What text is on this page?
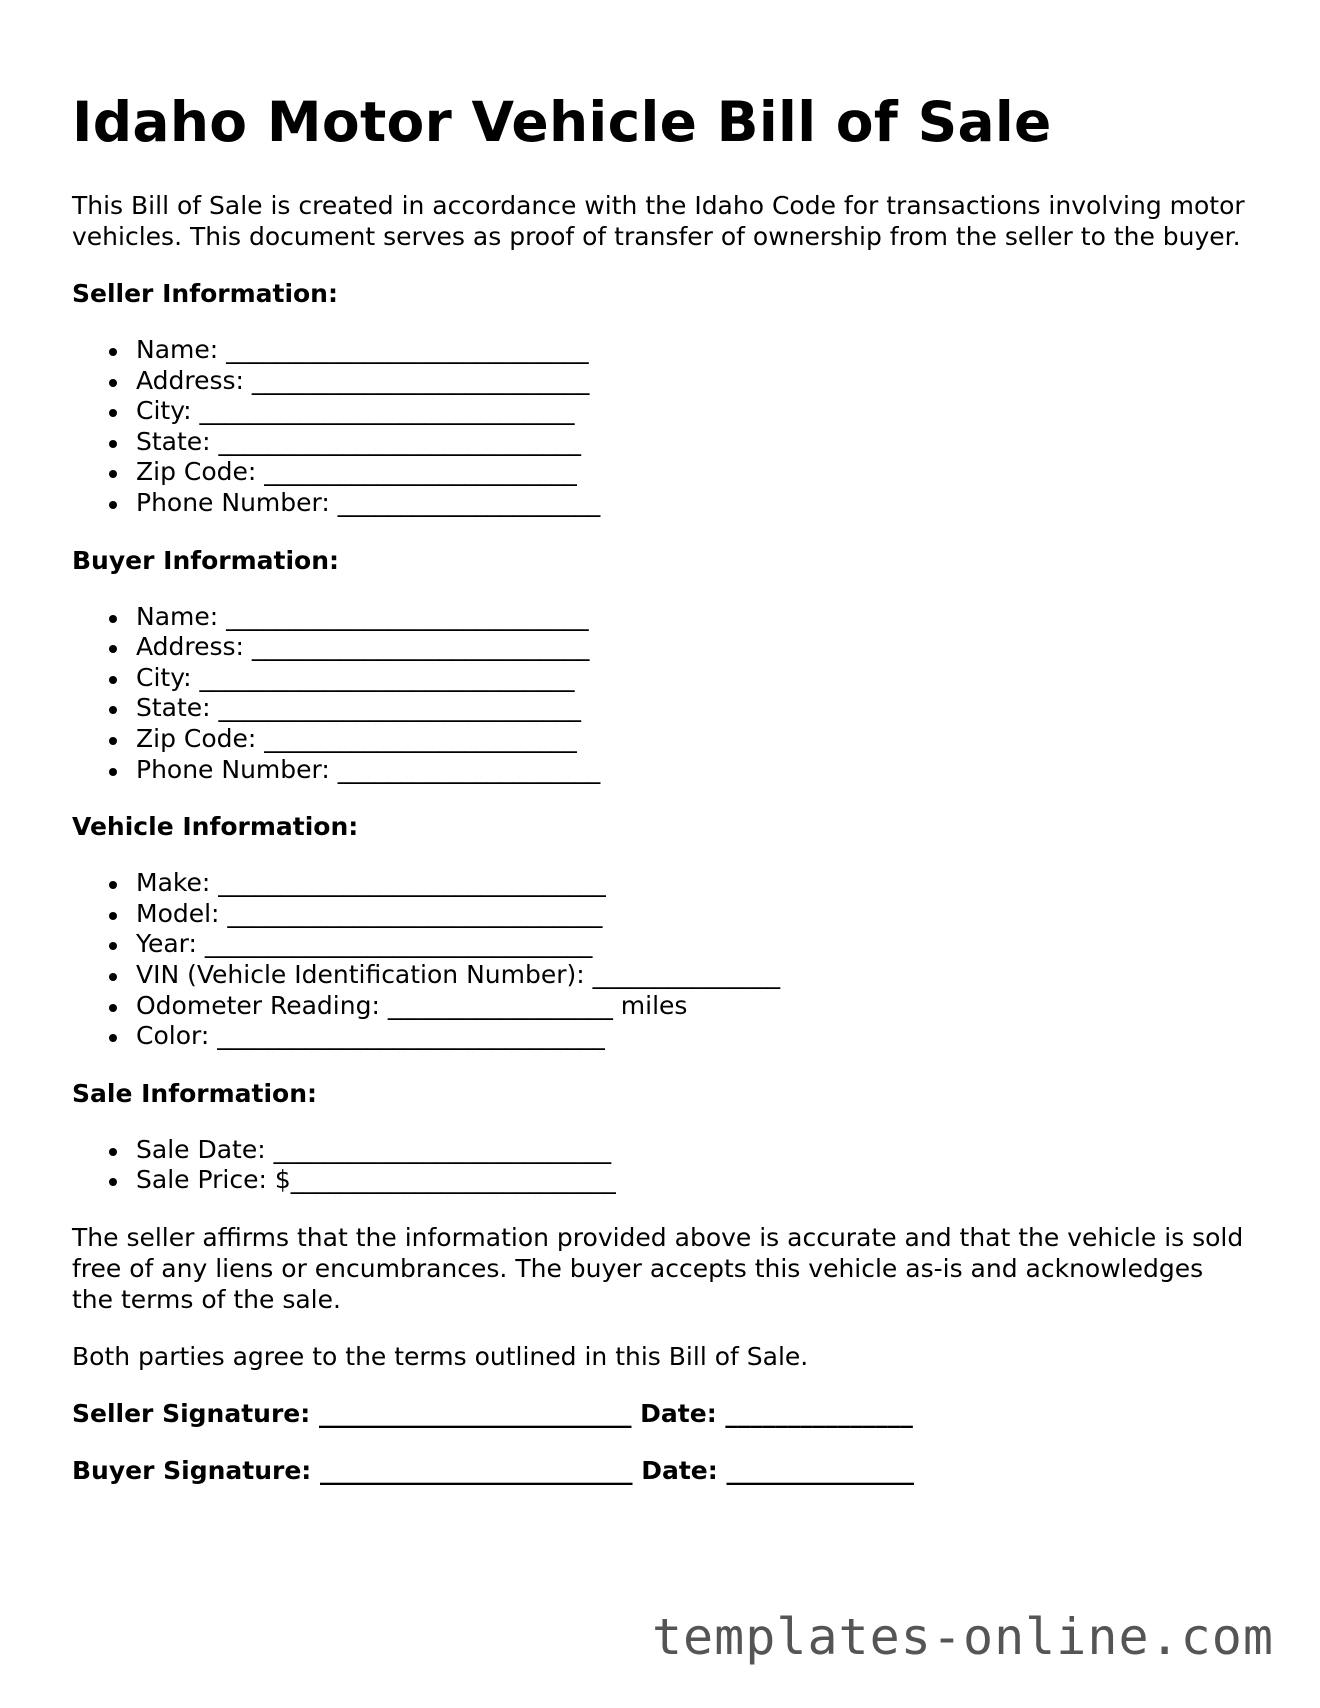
Idaho Motor Vehicle Bill of Sale

This Bill of Sale is created in accordance with the Idaho Code for transactions involving motor vehicles. This document serves as proof of transfer of ownership from the seller to the buyer.

Seller Information:
Name: _____________________________
Address: ___________________________
City: ______________________________
State: _____________________________
Zip Code: _________________________
Phone Number: _____________________
Buyer Information:
Name: _____________________________
Address: ___________________________
City: ______________________________
State: _____________________________
Zip Code: _________________________
Phone Number: _____________________
Vehicle Information:
Make: _______________________________
Model: ______________________________
Year: _______________________________
VIN (Vehicle Identification Number): _______________
Odometer Reading: __________________ miles
Color: _______________________________
Sale Information:
Sale Date: ___________________________
Sale Price: $__________________________

The seller affirms that the information provided above is accurate and that the vehicle is sold free of any liens or encumbrances. The buyer accepts this vehicle as-is and acknowledges the terms of the sale.

Both parties agree to the terms outlined in this Bill of Sale.

Seller Signature: _________________________ Date: _______________

Buyer Signature: _________________________ Date: _______________

templates-online.com
